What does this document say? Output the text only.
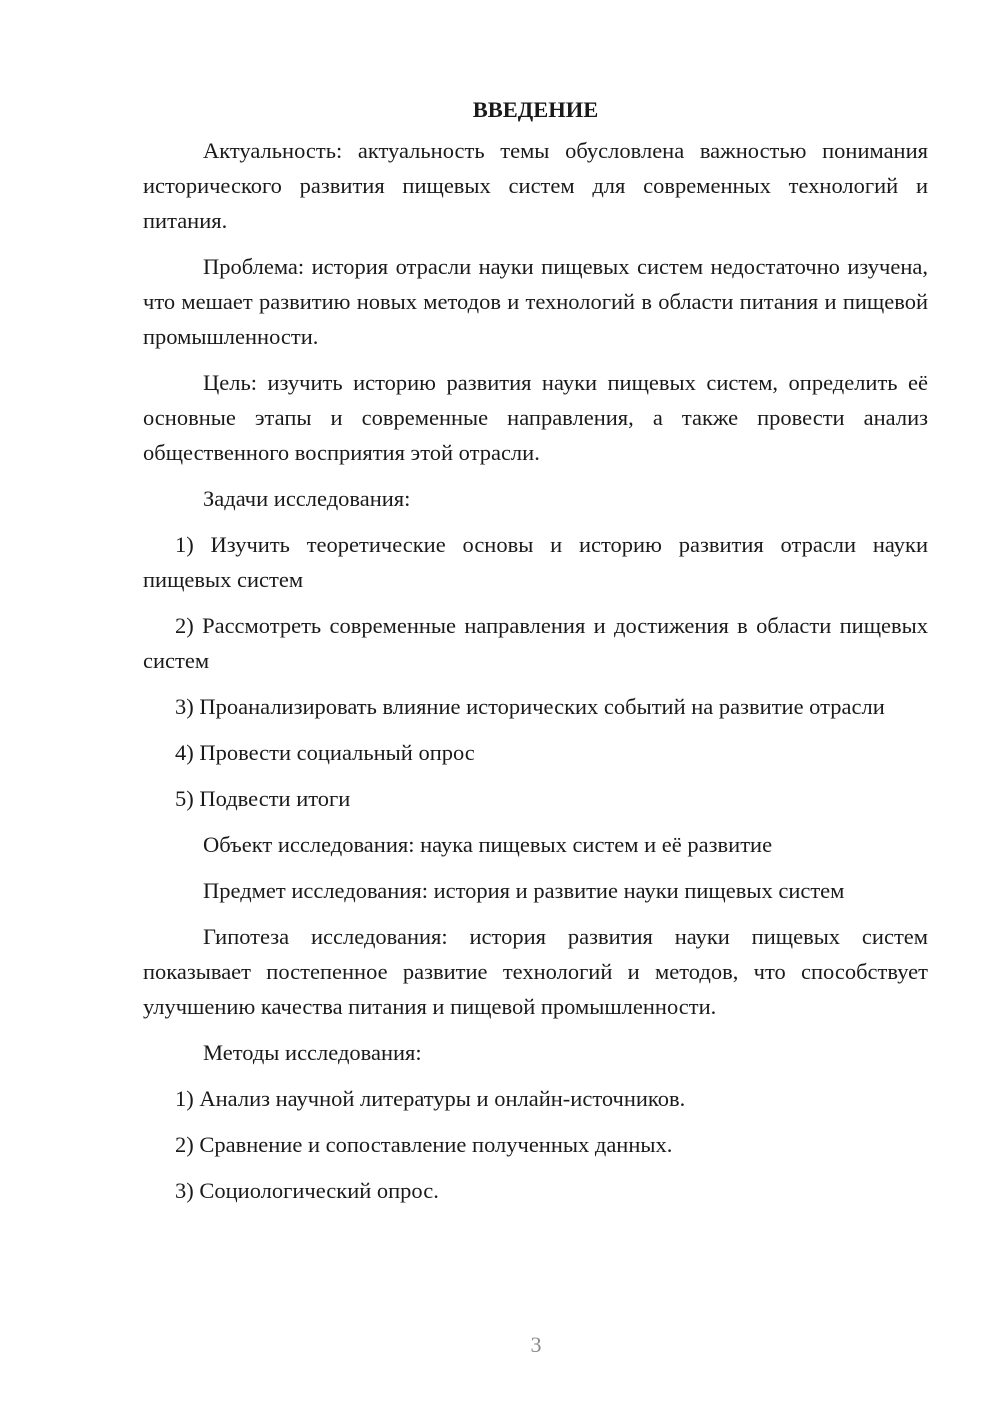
ВВЕДЕНИЕ

Актуальность: актуальность темы обусловлена важностью понимания исторического развития пищевых систем для современных технологий и питания.

Проблема: история отрасли науки пищевых систем недостаточно изучена, что мешает развитию новых методов и технологий в области питания и пищевой промышленности.

Цель: изучить историю развития науки пищевых систем, определить её основные этапы и современные направления, а также провести анализ общественного восприятия этой отрасли.

Задачи исследования:

1) Изучить теоретические основы и историю развития отрасли науки пищевых систем

2) Рассмотреть современные направления и достижения в области пищевых систем

3) Проанализировать влияние исторических событий на развитие отрасли

4) Провести социальный опрос

5) Подвести итоги

Объект исследования: наука пищевых систем и её развитие

Предмет исследования: история и развитие науки пищевых систем

Гипотеза исследования: история развития науки пищевых систем показывает постепенное развитие технологий и методов, что способствует улучшению качества питания и пищевой промышленности.

Методы исследования:

1) Анализ научной литературы и онлайн-источников.

2) Сравнение и сопоставление полученных данных.

3) Социологический опрос.

3
